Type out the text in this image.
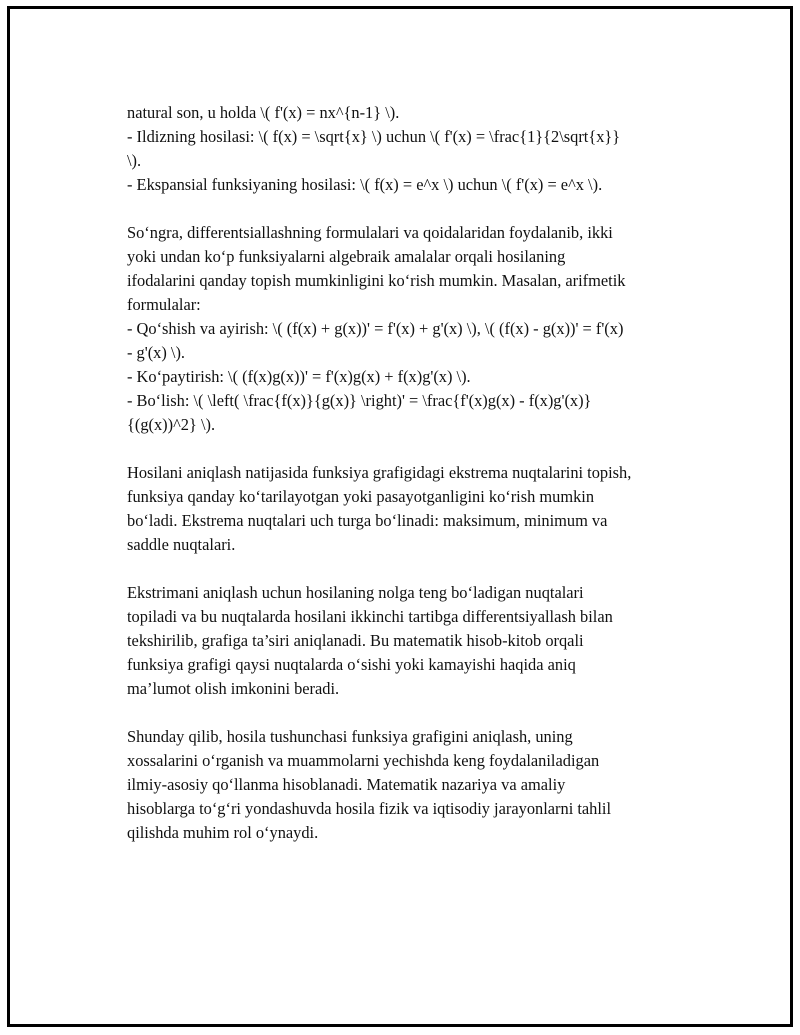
natural son, u holda \( f'(x) = nx^{n-1} \).
- Ildizning hosilasi: \( f(x) = \sqrt{x} \) uchun \( f'(x) = \frac{1}{2\sqrt{x}}
\).
- Ekspansial funksiyaning hosilasi: \( f(x) = e^x \) uchun \( f'(x) = e^x \).

So‘ngra, differentsiallashning formulalari va qoidalaridan foydalanib, ikki
yoki undan ko‘p funksiyalarni algebraik amalalar orqali hosilaning
ifodalarini qanday topish mumkinligini ko‘rish mumkin. Masalan, arifmetik
formulalar:
- Qo‘shish va ayirish: \( (f(x) + g(x))' = f'(x) + g'(x) \), \( (f(x) - g(x))' = f'(x)
- g'(x) \).
- Ko‘paytirish: \( (f(x)g(x))' = f'(x)g(x) + f(x)g'(x) \).
- Bo‘lish: \( \left( \frac{f(x)}{g(x)} \right)' = \frac{f'(x)g(x) - f(x)g'(x)}
{(g(x))^2} \).

Hosilani aniqlash natijasida funksiya grafigidagi ekstrema nuqtalarini topish,
funksiya qanday ko‘tarilayotgan yoki pasayotganligini ko‘rish mumkin
bo‘ladi. Ekstrema nuqtalari uch turga bo‘linadi: maksimum, minimum va
saddle nuqtalari.

Ekstrimani aniqlash uchun hosilaning nolga teng bo‘ladigan nuqtalari
topiladi va bu nuqtalarda hosilani ikkinchi tartibga differentsiyallash bilan
tekshirilib, grafiga ta’siri aniqlanadi. Bu matematik hisob-kitob orqali
funksiya grafigi qaysi nuqtalarda o‘sishi yoki kamayishi haqida aniq
ma’lumot olish imkonini beradi.

Shunday qilib, hosila tushunchasi funksiya grafigini aniqlash, uning
xossalarini o‘rganish va muammolarni yechishda keng foydalaniladigan
ilmiy-asosiy qo‘llanma hisoblanadi. Matematik nazariya va amaliy
hisoblarga to‘g‘ri yondashuvda hosila fizik va iqtisodiy jarayonlarni tahlil
qilishda muhim rol o‘ynaydi.
